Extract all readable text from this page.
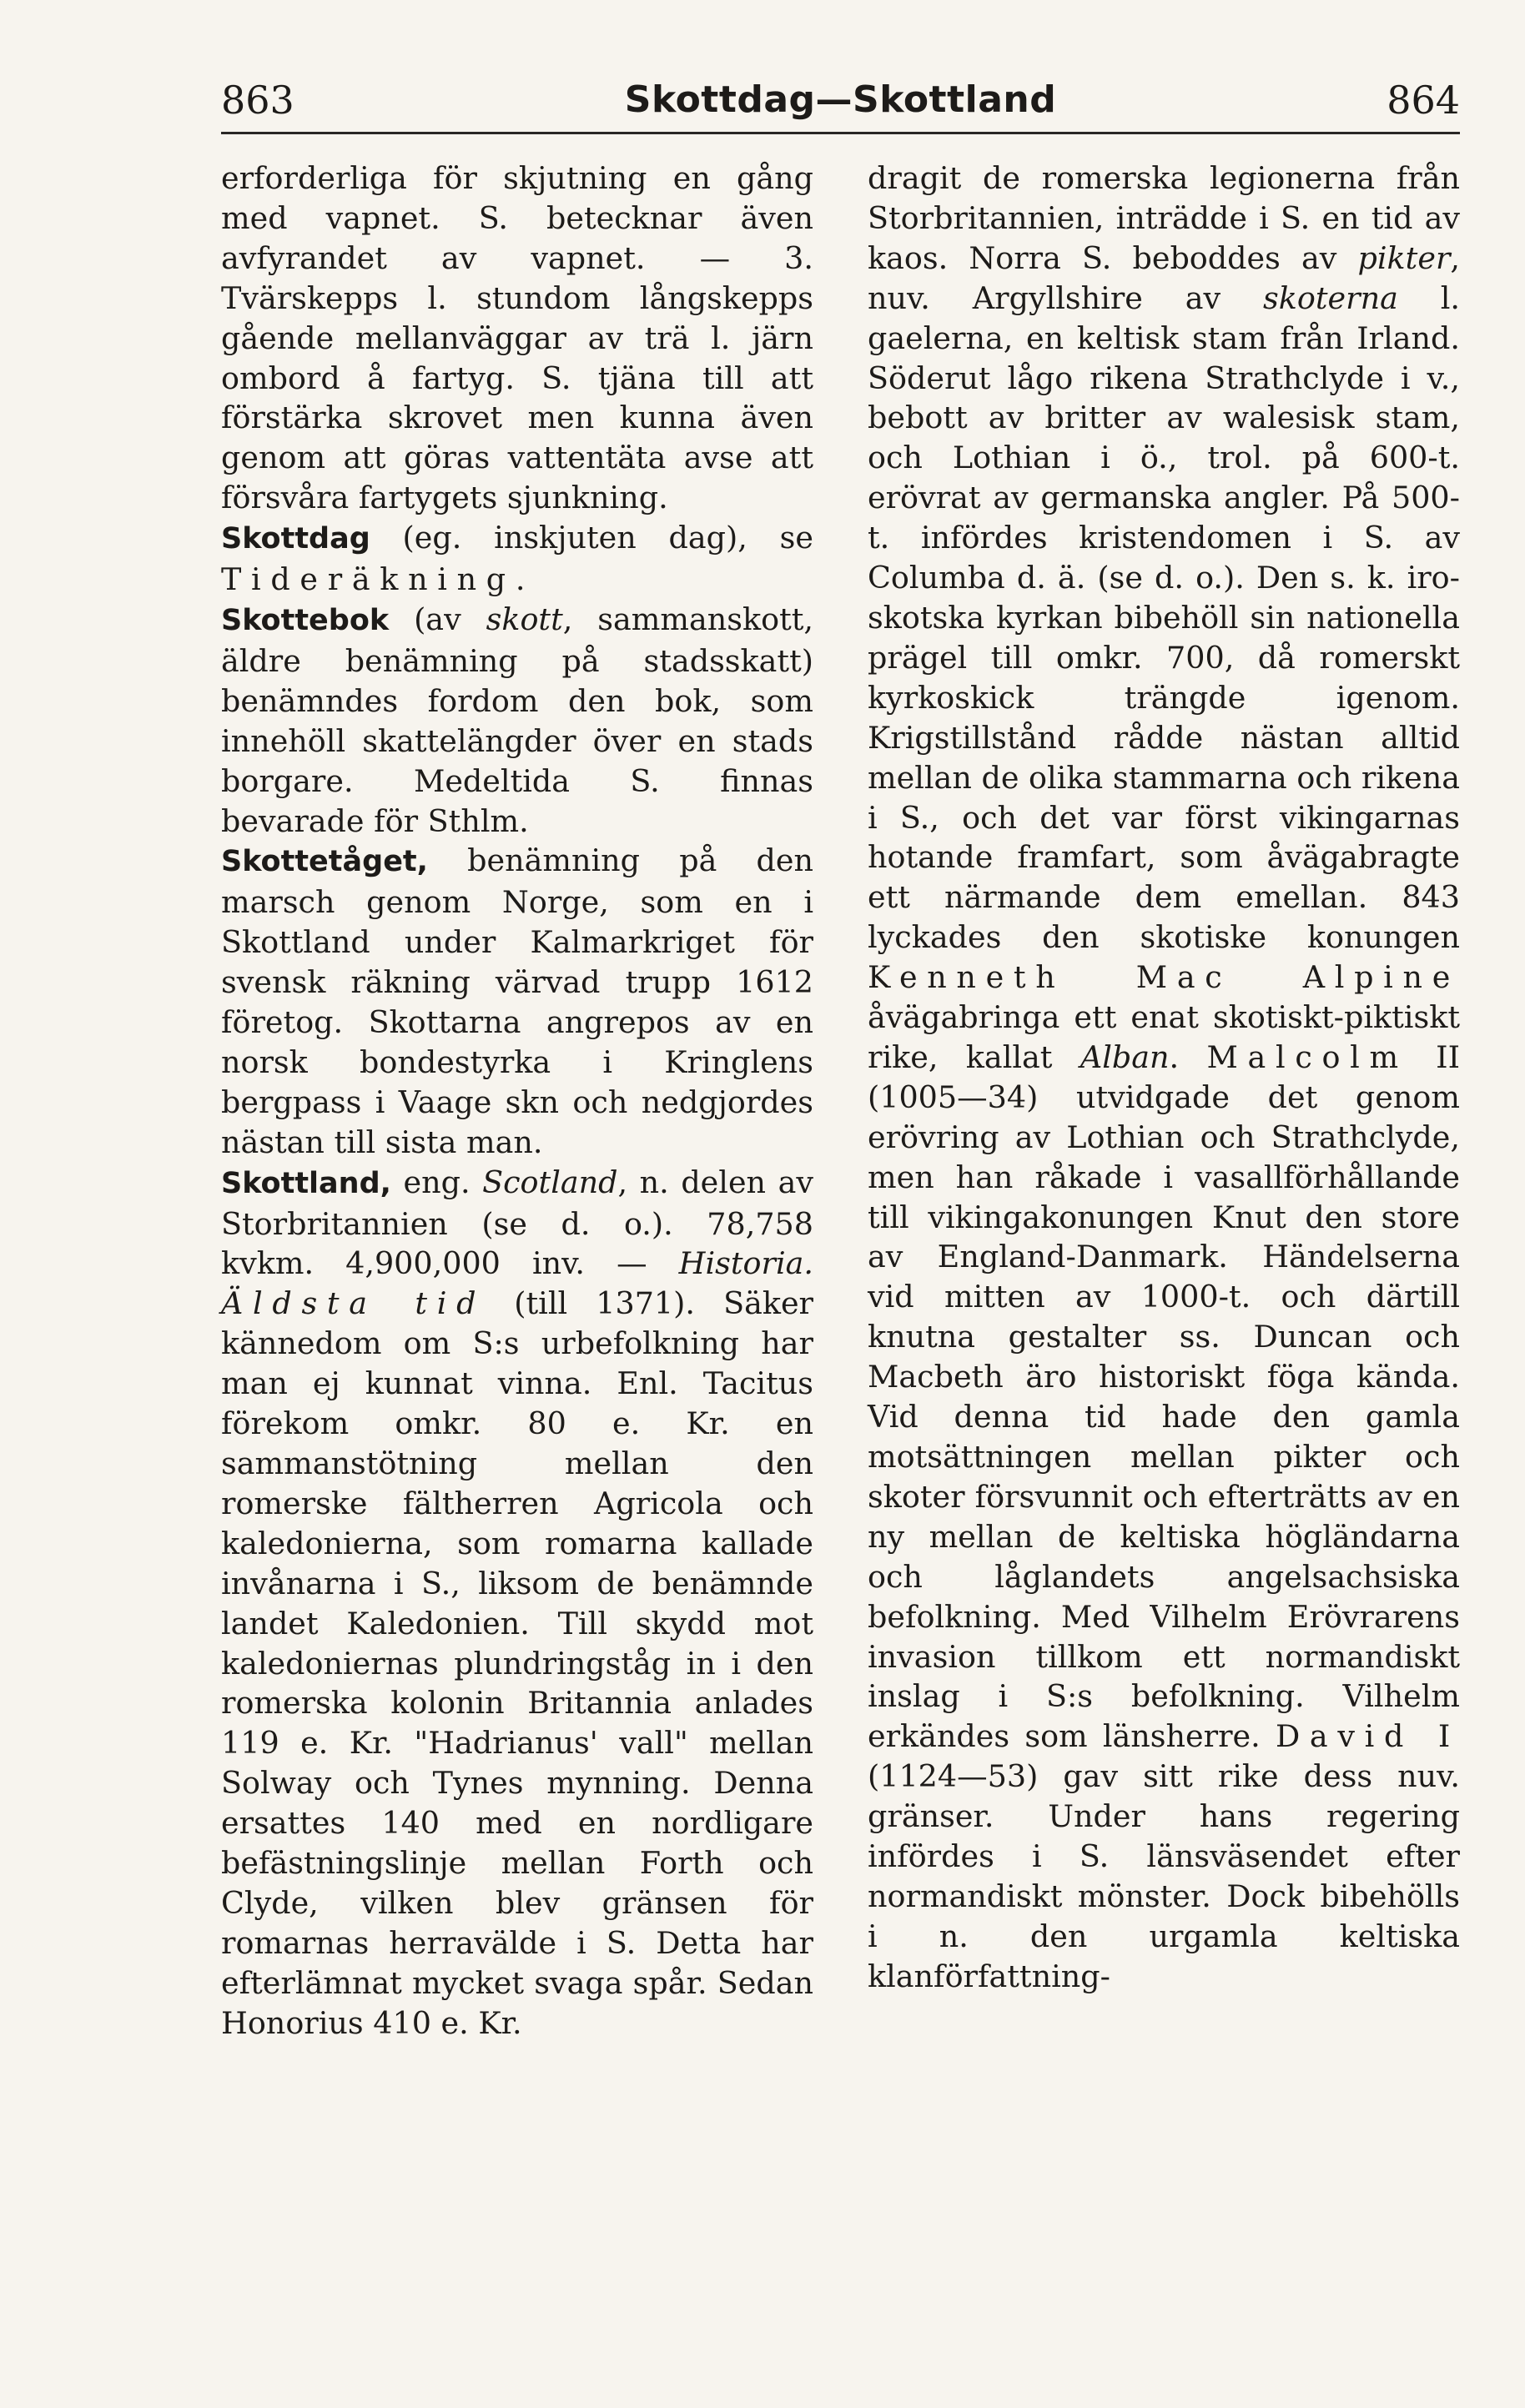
863	Skottdag—Skottland	864

erforderliga för skjutning en gång med vapnet. S. betecknar även avfyrandet av vapnet. — 3. Tvärskepps l. stundom långskepps gående mellanväggar av trä l. järn ombord å fartyg. S. tjäna till att förstärka skrovet men kunna även genom att göras vattentäta avse att försvåra fartygets sjunkning.

Skottdag (eg. inskjuten dag), se Tideräkning.

Skottebok (av skott, sammanskott, äldre benämning på stadsskatt) benämndes fordom den bok, som innehöll skattelängder över en stads borgare. Medeltida S. finnas bevarade för Sthlm.

Skottetåget, benämning på den marsch genom Norge, som en i Skottland under Kalmarkriget för svensk räkning värvad trupp 1612 företog. Skottarna angrepos av en norsk bondestyrka i Kringlens bergpass i Vaage skn och nedgjordes nästan till sista man.

Skottland, eng. Scotland, n. delen av Storbritannien (se d. o.). 78,758 kvkm. 4,900,000 inv. — Historia. Äldsta tid (till 1371). Säker kännedom om S:s urbefolkning har man ej kunnat vinna. Enl. Tacitus förekom omkr. 80 e. Kr. en sammanstötning mellan den romerske fältherren Agricola och kaledonierna, som romarna kallade invånarna i S., liksom de benämnde landet Kaledonien. Till skydd mot kaledoniernas plundringståg in i den romerska kolonin Britannia anlades 119 e. Kr. "Hadrianus' vall" mellan Solway och Tynes mynning. Denna ersattes 140 med en nordligare befästningslinje mellan Forth och Clyde, vilken blev gränsen för romarnas herravälde i S. Detta har efterlämnat mycket svaga spår. Sedan Honorius 410 e. Kr.

dragit de romerska legionerna från Storbritannien, inträdde i S. en tid av kaos. Norra S. beboddes av pikter, nuv. Argyllshire av skoterna l. gaelerna, en keltisk stam från Irland. Söderut lågo rikena Strathclyde i v., bebott av britter av walesisk stam, och Lothian i ö., trol. på 600-t. erövrat av germanska angler. På 500-t. infördes kristendomen i S. av Columba d. ä. (se d. o.). Den s. k. iro-skotska kyrkan bibehöll sin nationella prägel till omkr. 700, då romerskt kyrkoskick trängde igenom. Krigstillstånd rådde nästan alltid mellan de olika stammarna och rikena i S., och det var först vikingarnas hotande framfart, som åvägabragte ett närmande dem emellan. 843 lyckades den skotiske konungen Kenneth Mac Alpine åvägabringa ett enat skotiskt-piktiskt rike, kallat Alban. Malcolm II (1005—34) utvidgade det genom erövring av Lothian och Strathclyde, men han råkade i vasallförhållande till vikingakonungen Knut den store av England-Danmark. Händelserna vid mitten av 1000-t. och därtill knutna gestalter ss. Duncan och Macbeth äro historiskt föga kända. Vid denna tid hade den gamla motsättningen mellan pikter och skoter försvunnit och efterträtts av en ny mellan de keltiska högländarna och låglandets angelsachsiska befolkning. Med Vilhelm Erövrarens invasion tillkom ett normandiskt inslag i S:s befolkning. Vilhelm erkändes som länsherre. David I (1124—53) gav sitt rike dess nuv. gränser. Under hans regering infördes i S. länsväsendet efter normandiskt mönster. Dock bibehölls i n. den urgamla keltiska klanförfattning-
